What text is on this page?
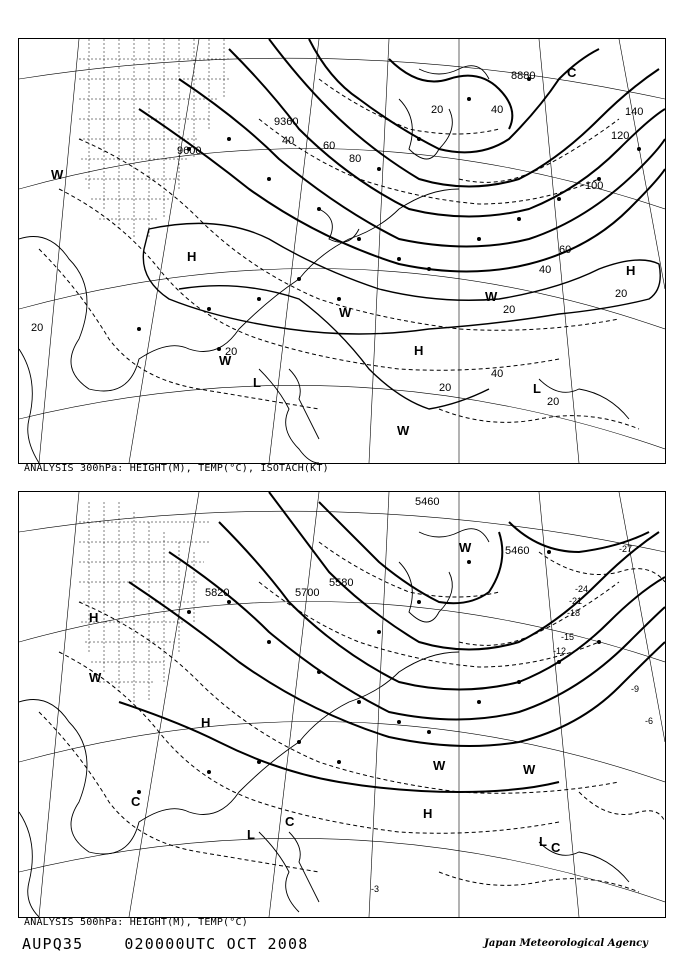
9360
9600
8880
40	60
80
100
120
140
20	40
60
20
20
20
40
20
20
20
40
H
H
H
L	L
W
W
W
W
W
C
ANALYSIS 300hPa: HEIGHT(M), TEMP(°C), ISOTACH(KT)
5460
5460
5580
5700
5820
-27
-24
-21
-18
-15
-12
-9
-6
-3
H
H
H
W
W
W
C
C
L	L C
W
ANALYSIS 500hPa: HEIGHT(M), TEMP(°C)
AUPQ35	020000UTC OCT 2008	Japan Meteorological Agency
